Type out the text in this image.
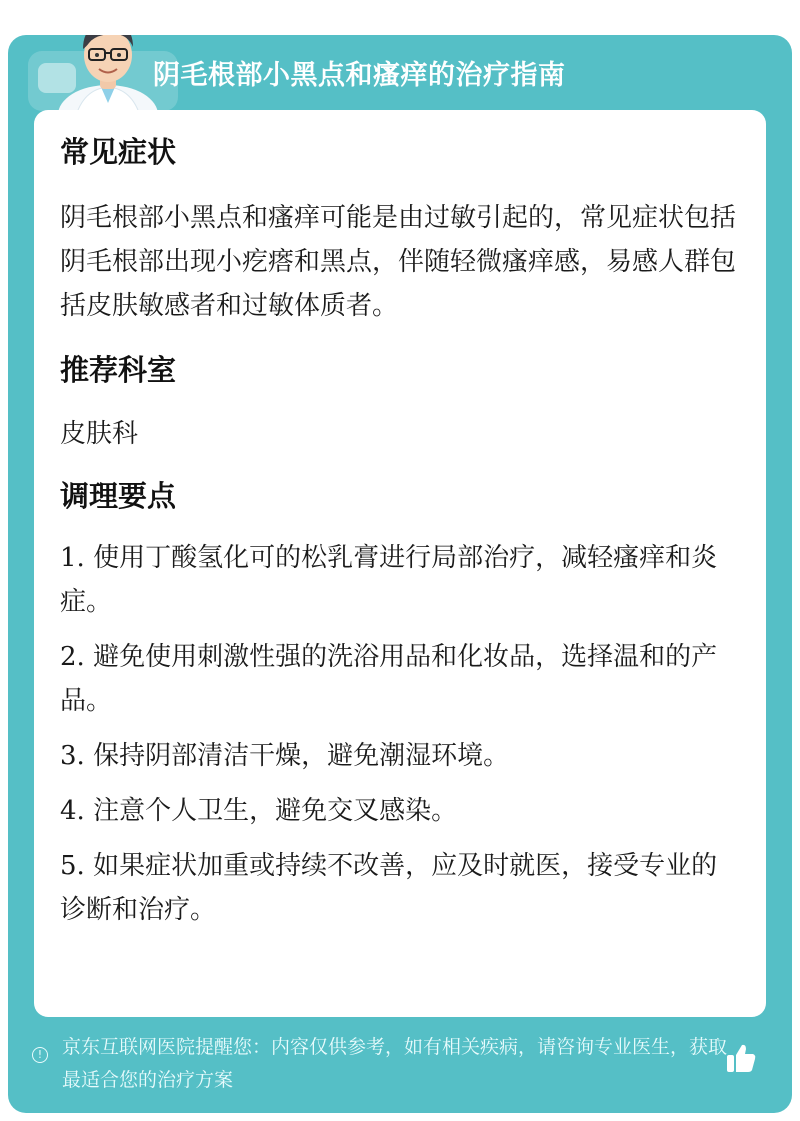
阴毛根部小黑点和瘙痒的治疗指南
常见症状

阴毛根部小黑点和瘙痒可能是由过敏引起的，常见症状包括阴毛根部出现小疙瘩和黑点，伴随轻微瘙痒感，易感人群包括皮肤敏感者和过敏体质者。

推荐科室

皮肤科

调理要点
1. 使用丁酸氢化可的松乳膏进行局部治疗，减轻瘙痒和炎症。
2. 避免使用刺激性强的洗浴用品和化妆品，选择温和的产品。
3. 保持阴部清洁干燥，避免潮湿环境。
4. 注意个人卫生，避免交叉感染。
5. 如果症状加重或持续不改善，应及时就医，接受专业的诊断和治疗。
!	京东互联网医院提醒您：内容仅供参考，如有相关疾病，请咨询专业医生，获取最适合您的治疗方案
